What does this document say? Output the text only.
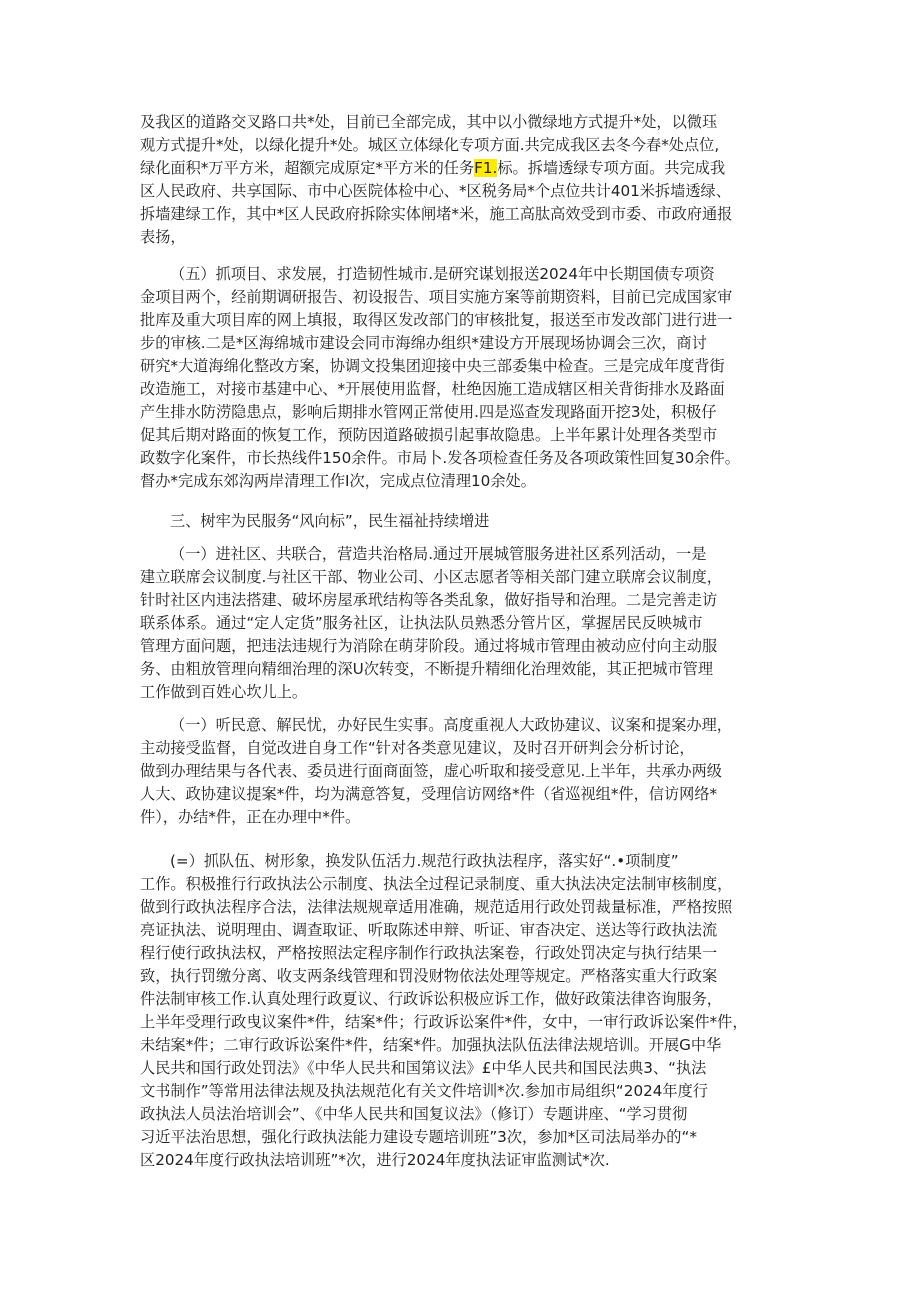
及我区的道路交叉路口共*处，目前已全部完成，其中以小微绿地方式提升*处，以微珏
观方式提升*处，以绿化提升*处。城区立体绿化专项方面.共完成我区去冬今春*处点位,
绿化面积*万平方米，超额完成原定*平方米的任务F1.标。拆墙透绿专项方面。共完成我
区人民政府、共享国际、市中心医院体检中心、*区税务局*个点位共计401米拆墙透绿、
拆墙建绿工作，其中*区人民政府拆除实体闸堵*米，施工高肽高效受到市委、市政府通报
表扬，
（五）抓项目、求发展，打造韧性城市.是研究谋划报送2024年中长期国债专项资
金项目两个，经前期调研报告、初设报告、项目实施方案等前期资料，目前已完成国家审
批库及重大项目库的网上填报，取得区发改部门的审核批复，报送至市发改部门进行进一
步的审核.二是*区海绵城市建设会同市海绵办组织*建设方开展现场协调会三次，商讨
研究*大道海绵化整改方案，协调文投集团迎接中央三部委集中检查。三是完成年度背街
改造施工，对接市基建中心、*开展使用监督，杜绝因施工造成辖区相关背街排水及路面
产生排水防涝隐患点，影响后期排水管网正常使用.四是巡查发现路面开挖3处，积极仔
促其后期对路面的恢复工作，预防因道路破损引起事故隐患。上半年累计处理各类型市
政数字化案件，市长热线件150余件。市局卜.发各项检查任务及各项政策性回复30余件。
督办*完成东郊沟两岸清理工作I次，完成点位清理10余处。
三、树牢为民服务“风向标”，民生福祉持续增进
（一）进社区、共联合，营造共治格局.通过开展城管服务进社区系列活动，一是
建立联席会议制度.与社区干部、物业公司、小区志愿者等相关部门建立联席会议制度，
针时社区内违法搭建、破坏房屋承玳结构等各类乱象，做好指导和治理。二是完善走访
联系体系。通过“定人定货”服务社区，让执法队员熟悉分管片区，掌握居民反映城市
管理方面问题，把违法违规行为消除在萌芽阶段。通过将城市管理由被动应付向主动服
务、由粗放管理向精细治理的深U次转变，不断提升精细化治理效能，其正把城市管理
工作做到百姓心坎儿上。
（一）听民意、解民忧，办好民生实事。高度重视人大政协建议、议案和提案办理，
主动接受监督，自觉改进自身工作“针对各类意见建议，及时召开研判会分析讨论，
做到办理结果与各代表、委员进行面商面签，虚心听取和接受意见.上半年，共承办两级
人大、政协建议提案*件，均为满意答复，受理信访网络*件（省巡视组*件，信访网络*
件），办结*件，正在办理中*件。
(=）抓队伍、树形象，换发队伍活力.规范行政执法程序，落实好“.•项制度”
工作。积极推行行政执法公示制度、执法全过程记录制度、重大执法决定法制审核制度，
做到行政执法程序合法，法律法规规章适用准确，规范适用行政处罚裁量标准，严格按照
亮证执法、说明理由、调查取证、听取陈述申辩、听证、审杳决定、送达等行政执法流
程行使行政执法权，严格按照法定程序制作行政执法案卷，行政处罚决定与执行结果一
致，执行罚缴分离、收支两条线管理和罚没财物依法处理等规定。严格落实重大行政案
件法制审核工作.认真处理行政夏议、行政诉讼积极应诉工作，做好政策法律咨询服务，
上半年受理行政曳议案件*件，结案*件；行政诉讼案件*件，女中，一审行政诉讼案件*件，
未结案*件；二审行政诉讼案件*件，结案*件。加强执法队伍法律法规培训。开展G中华
人民共和国行政处罚法》《中华人民共和国第议法》£中华人民共和国民法典3、“执法
文书制作”等常用法律法规及执法规范化有关文件培训*次.参加市局组织“2024年度行
政执法人员法治培训会”、《中华人民共和国复议法》（修订）专题讲座、“学习贯彻
习近平法治思想，强化行政执法能力建设专题培训班”3次，参加*区司法局举办的“*
区2024年度行政执法培训班”*次，进行2024年度执法证审监测试*次.
